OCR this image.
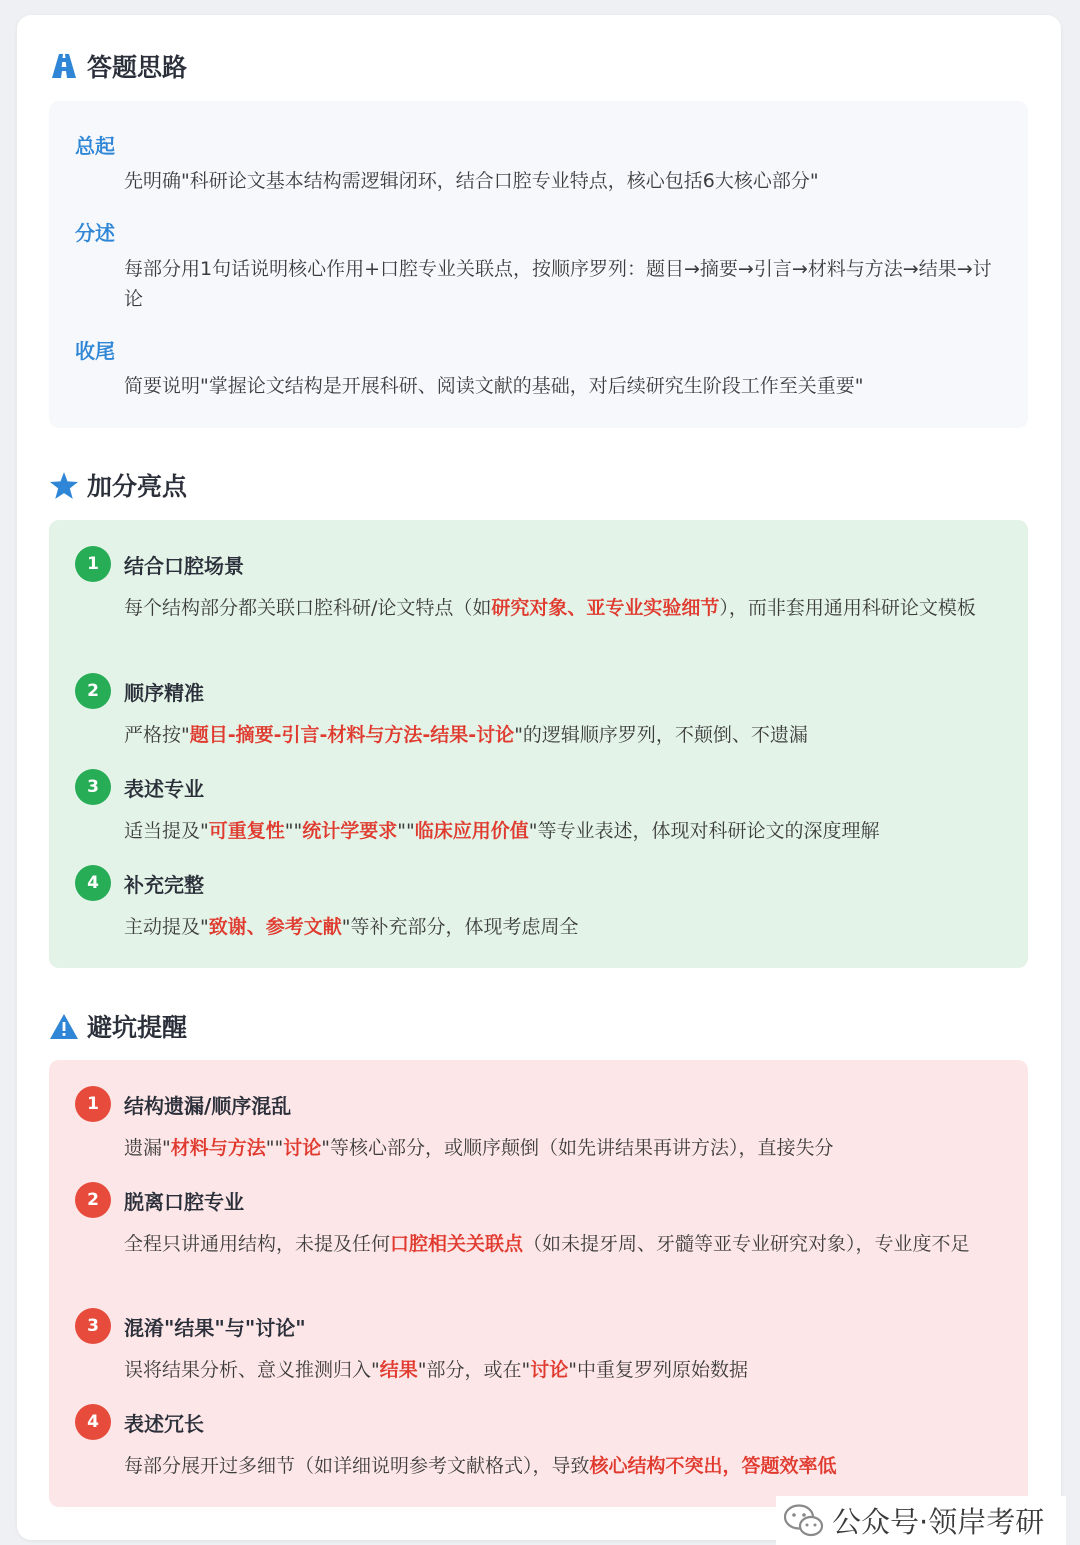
答题思路
总起
先明确"科研论文基本结构需逻辑闭环，结合口腔专业特点，核心包括6大核心部分"
分述
每部分用1句话说明核心作用+口腔专业关联点，按顺序罗列：题目→摘要→引言→材料与方法→结果→讨论
收尾
简要说明"掌握论文结构是开展科研、阅读文献的基础，对后续研究生阶段工作至关重要"
加分亮点
1	结合口腔场景
每个结构部分都关联口腔科研/论文特点（如研究对象、亚专业实验细节），而非套用通用科研论文模板
2	顺序精准
严格按"题目-摘要-引言-材料与方法-结果-讨论"的逻辑顺序罗列，不颠倒、不遗漏
3	表述专业
适当提及"可重复性""统计学要求""临床应用价值"等专业表述，体现对科研论文的深度理解
4	补充完整
主动提及"致谢、参考文献"等补充部分，体现考虑周全
避坑提醒
1	结构遗漏/顺序混乱
遗漏"材料与方法""讨论"等核心部分，或顺序颠倒（如先讲结果再讲方法），直接失分
2	脱离口腔专业
全程只讲通用结构，未提及任何口腔相关关联点（如未提牙周、牙髓等亚专业研究对象），专业度不足
3	混淆"结果"与"讨论"
误将结果分析、意义推测归入"结果"部分，或在"讨论"中重复罗列原始数据
4	表述冗长
每部分展开过多细节（如详细说明参考文献格式），导致核心结构不突出，答题效率低
公众号·领岸考研
